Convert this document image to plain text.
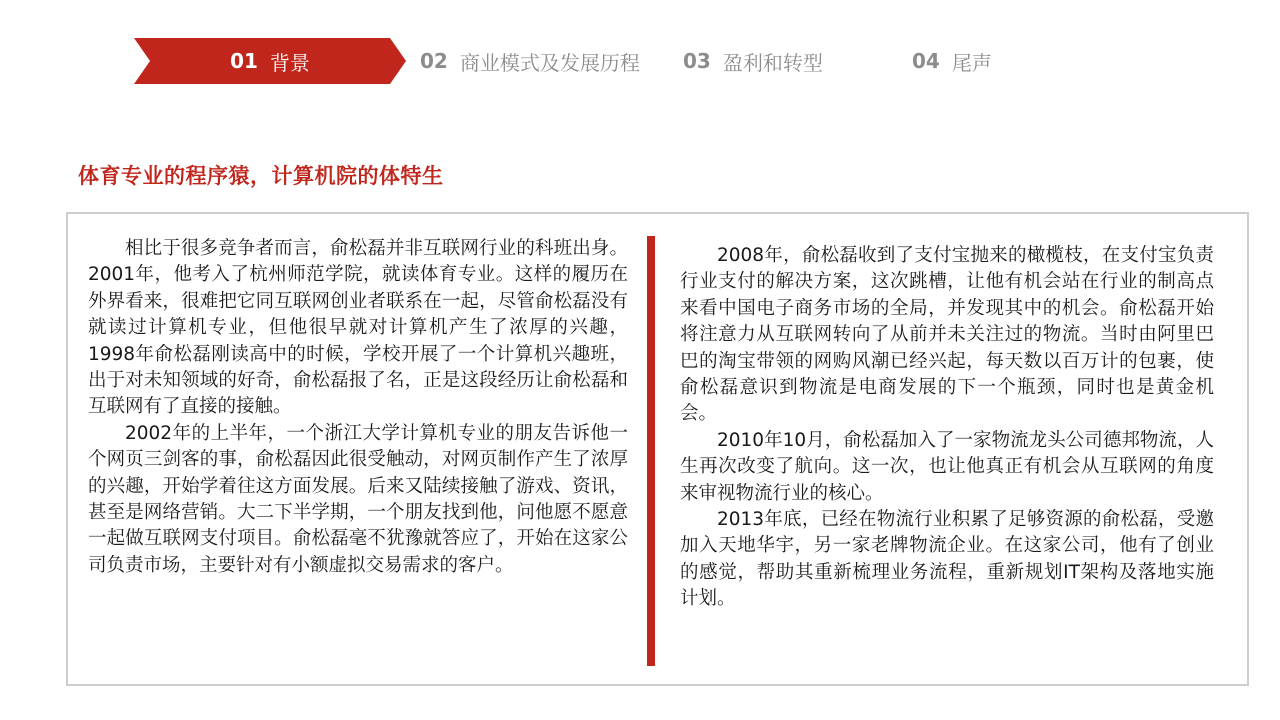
01 背景	02 商业模式及发展历程 03 盈利和转型	04 尾声
体育专业的程序猿，计算机院的体特生

相比于很多竞争者而言，俞松磊并非互联网行业的科班出身。2001年，他考入了杭州师范学院，就读体育专业。这样的履历在外界看来，很难把它同互联网创业者联系在一起，尽管俞松磊没有就读过计算机专业，但他很早就对计算机产生了浓厚的兴趣，1998年俞松磊刚读高中的时候，学校开展了一个计算机兴趣班，出于对未知领域的好奇，俞松磊报了名，正是这段经历让俞松磊和互联网有了直接的接触。

2002年的上半年，一个浙江大学计算机专业的朋友告诉他一个网页三剑客的事，俞松磊因此很受触动，对网页制作产生了浓厚的兴趣，开始学着往这方面发展。后来又陆续接触了游戏、资讯，甚至是网络营销。大二下半学期，一个朋友找到他，问他愿不愿意一起做互联网支付项目。俞松磊毫不犹豫就答应了，开始在这家公司负责市场，主要针对有小额虚拟交易需求的客户。

2008年，俞松磊收到了支付宝抛来的橄榄枝，在支付宝负责行业支付的解决方案，这次跳槽，让他有机会站在行业的制高点来看中国电子商务市场的全局，并发现其中的机会。俞松磊开始将注意力从互联网转向了从前并未关注过的物流。当时由阿里巴巴的淘宝带领的网购风潮已经兴起，每天数以百万计的包裹，使俞松磊意识到物流是电商发展的下一个瓶颈，同时也是黄金机会。

2010年10月，俞松磊加入了一家物流龙头公司德邦物流，人生再次改变了航向。这一次，也让他真正有机会从互联网的角度来审视物流行业的核心。

2013年底，已经在物流行业积累了足够资源的俞松磊，受邀加入天地华宇，另一家老牌物流企业。在这家公司，他有了创业的感觉，帮助其重新梳理业务流程，重新规划IT架构及落地实施计划。
